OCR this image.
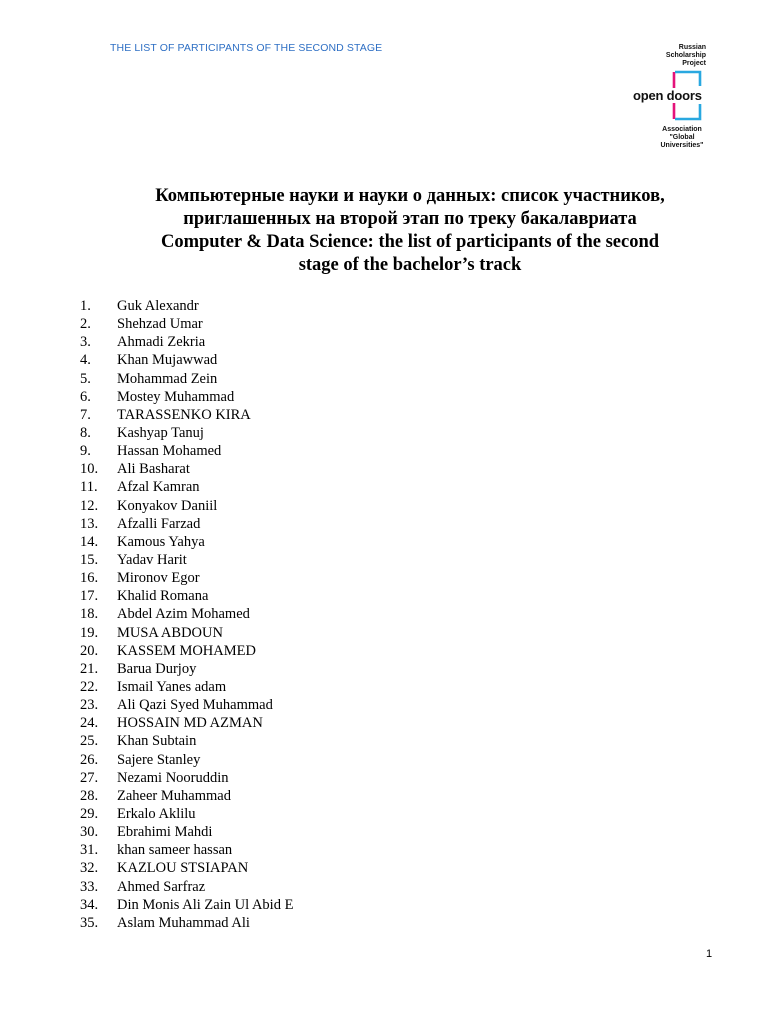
THE LIST OF PARTICIPANTS OF THE SECOND STAGE	Russian
Scholarship
Project
open doors
Association
"Global
Universities"
Компьютерные науки и науки о данных: список участников,
приглашенных на второй этап по треку бакалавриата
Computer & Data Science: the list of participants of the second
stage of the bachelor’s track
1. Guk Alexandr
2. Shehzad Umar
3. Ahmadi Zekria
4. Khan Mujawwad
5. Mohammad Zein
6. Mostey Muhammad
7. TARASSENKO KIRA
8. Kashyap Tanuj
9. Hassan Mohamed
10. Ali Basharat
11. Afzal Kamran
12. Konyakov Daniil
13. Afzalli Farzad
14. Kamous Yahya
15. Yadav Harit
16. Mironov Egor
17. Khalid Romana
18. Abdel Azim Mohamed
19. MUSA ABDOUN
20. KASSEM MOHAMED
21. Barua Durjoy
22. Ismail Yanes adam
23. Ali Qazi Syed Muhammad
24. HOSSAIN MD AZMAN
25. Khan Subtain
26. Sajere Stanley
27. Nezami Nooruddin
28. Zaheer Muhammad
29. Erkalo Aklilu
30. Ebrahimi Mahdi
31. khan sameer hassan
32. KAZLOU STSIAPAN
33. Ahmed Sarfraz
34. Din Monis Ali Zain Ul Abid E
35. Aslam Muhammad Ali
1
